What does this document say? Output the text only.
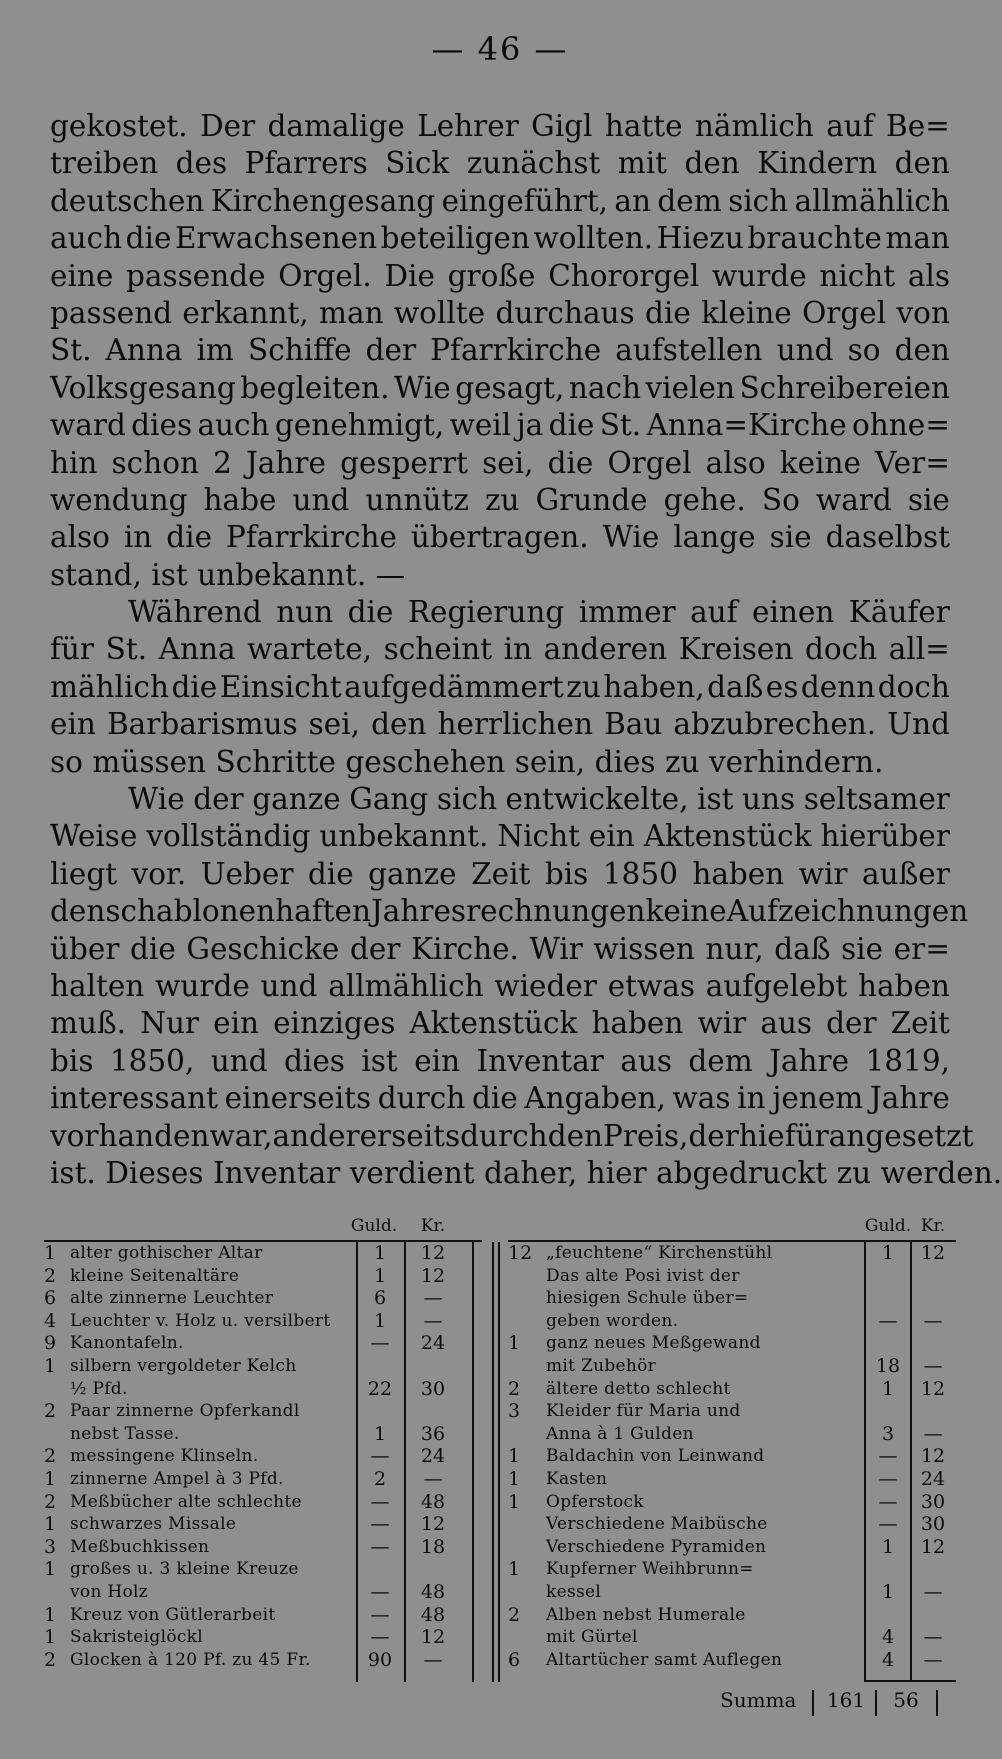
— 46 —
gekostet. Der damalige Lehrer Gigl hatte nämlich auf Be=
treiben des Pfarrers Sick zunächst mit den Kindern den
deutschen Kirchengesang eingeführt, an dem sich allmählich
auch die Erwachsenen beteiligen wollten. Hiezu brauchte man
eine passende Orgel. Die große Chororgel wurde nicht als
passend erkannt, man wollte durchaus die kleine Orgel von
St. Anna im Schiffe der Pfarrkirche aufstellen und so den
Volksgesang begleiten. Wie gesagt, nach vielen Schreibereien
ward dies auch genehmigt, weil ja die St. Anna=Kirche ohne=
hin schon 2 Jahre gesperrt sei, die Orgel also keine Ver=
wendung habe und unnütz zu Grunde gehe. So ward sie
also in die Pfarrkirche übertragen. Wie lange sie daselbst
stand, ist unbekannt. —
Während nun die Regierung immer auf einen Käufer
für St. Anna wartete, scheint in anderen Kreisen doch all=
mählich die Einsicht aufgedämmert zu haben, daß es denn doch
ein Barbarismus sei, den herrlichen Bau abzubrechen. Und
so müssen Schritte geschehen sein, dies zu verhindern.
Wie der ganze Gang sich entwickelte, ist uns seltsamer
Weise vollständig unbekannt. Nicht ein Aktenstück hierüber
liegt vor. Ueber die ganze Zeit bis 1850 haben wir außer
den schablonenhaften Jahresrechnungen keine Aufzeichnungen
über die Geschicke der Kirche. Wir wissen nur, daß sie er=
halten wurde und allmählich wieder etwas aufgelebt haben
muß. Nur ein einziges Aktenstück haben wir aus der Zeit
bis 1850, und dies ist ein Inventar aus dem Jahre 1819,
interessant einerseits durch die Angaben, was in jenem Jahre
vorhanden war, andererseits durch den Preis, der hiefür angesetzt
ist. Dieses Inventar verdient daher, hier abgedruckt zu werden.
Guld.	Kr.
1 alter gothischer Altar	1	12
2 kleine Seitenaltäre	1	12
6 alte zinnerne Leuchter	6	—
4 Leuchter v. Holz u. versilbert	1	—
9 Kanontafeln.	—	24
1 silbern vergoldeter Kelch
½ Pfd.	22	30
2 Paar zinnerne Opferkandl
nebst Tasse.	1	36
2 messingene Klinseln.	—	24
1 zinnerne Ampel à 3 Pfd.	2	—
2 Meßbücher alte schlechte	—	48
1 schwarzes Missale	—	12
3 Meßbuchkissen	—	18
1 großes u. 3 kleine Kreuze
von Holz	—	48
1 Kreuz von Gütlerarbeit	—	48
1 Sakristeiglöckl	—	12
2 Glocken à 120 Pf. zu 45 Fr.	90	—
Guld. Kr.
12 „feuchtene“ Kirchenstühl	1	12
Das alte Posi ivist der
hiesigen Schule über=
geben worden.	—	—
1	ganz neues Meßgewand
mit Zubehör	18	—
2	ältere detto schlecht	1	12
3	Kleider für Maria und
Anna à 1 Gulden	3	—
1	Baldachin von Leinwand	—	12
1	Kasten	—	24
1	Opferstock	—	30
Verschiedene Maibüsche	—	30
Verschiedene Pyramiden	1	12
1	Kupferner Weihbrunn=
kessel	1	—
2	Alben nebst Humerale
mit Gürtel	4	—
6	Altartücher samt Auflegen	4	—
Summa	161	56
